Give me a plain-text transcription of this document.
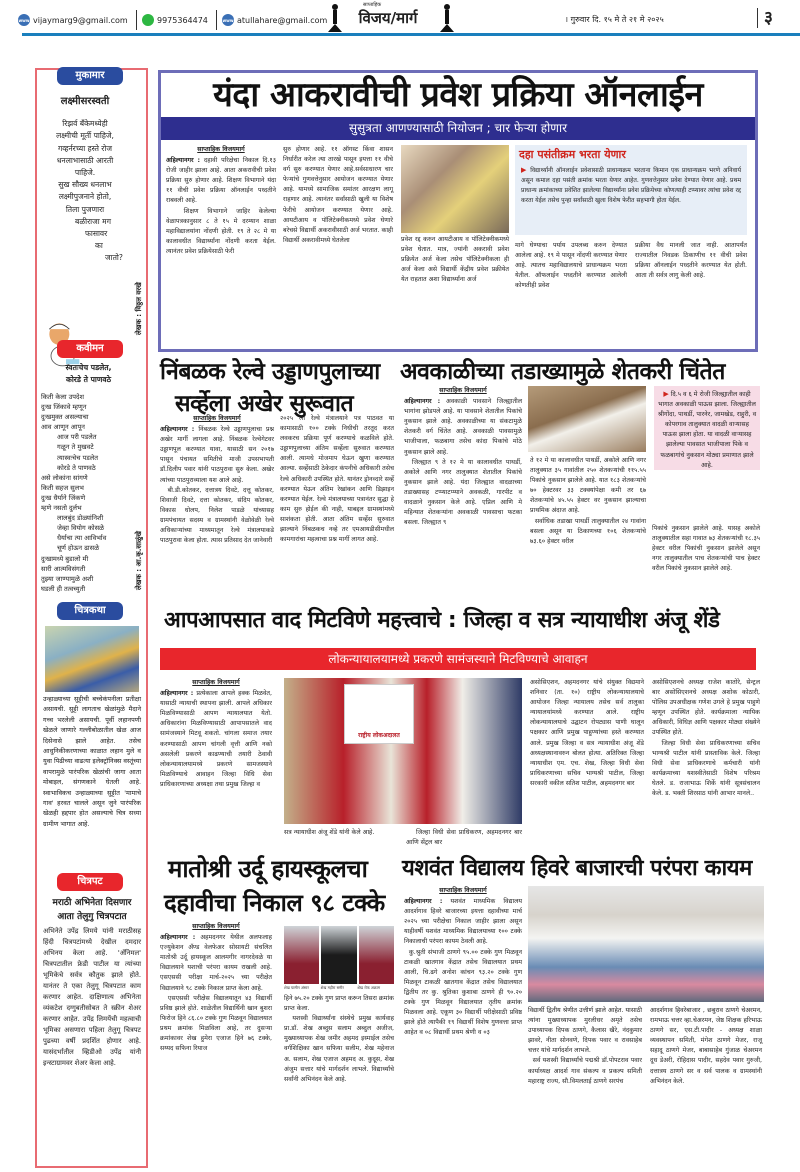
www vijaymarg9@gmail.com	9975364474	www atullahare@gmail.com
साप्ताहिक
विजय/मार्ग	। गुरुवार दि. १५ मे ते २१ मे २०२५	३
मुकामार
लक्ष्मीसरस्वती
रिझर्व बँकेमध्येही
लक्ष्मीची मूर्ती पाहिजे,
गव्हर्नरच्या हस्ते रोज
धनलाभासाठी आरती
पाहिजे.
सुख सौख्य धनलाभ
लक्ष्मीपुजनाने होतो,
तिला पुजणारा
बळीराजा मग
फासावर
का
जातो?
लेखक : विठ्ठल वरखे
कवीमन
स्वतःचेच पडलेत,
कोरडे ते पाणवठे
किती केला उपदेश
दुःख जिंकावे म्हणून
दुःखमुक्त असल्याचा
आव आणून आपून
आज परी पडलेत
गळून ते मुखवटे
त्यास्वःचेच पडलेत
कोरडे ते पाणवठे
असे लोकांना सांगणे
किती सहज सुलभ
दुःख धैर्याने जिंकणे
म्हणे नसतो दुर्लभ
लालबुंद डोळ्यांनिशी
जेव्हा वियोग कोसळे
धैर्याचा त्या आविर्भाव
चूर्ण होऊन ढासळे
दुःखामध्ये बुडालो मी
सारी आत्मविसंगती
तुझ्या जाण्यामुळे अशी
घडली ही तत्वच्युती	लेखक : आ.कृ.साळुंखे
चित्रकथा
उन्हाळ्याच्या सुट्टीची बच्चेकंपनीला प्रतीक्षा असायची. सुट्टी लागताच खेळांमुळे मैदाने गच्च भरलेली असायची. पूर्वी लहानपणी खेळले जाणारे गल्लीबोळातील खेळ आज दिसेनासे झाले आहेत. तसेच आधुनिकीकरणाच्या काळात लहान मुले व युवा पिढीच्या वाढत्या इलेक्ट्रॉनिक्स वस्तूंच्या वापरामुळे पारंपरिक खेळांची जागा आता मोबाइल, संगणकाने घेतली आहे. स्वाभाविकच उन्हाळ्याच्या सुट्टीत 'मामाचे गाव' हरवत चालले असून जुने पारंपरिक खेळही हद्दपार होत असल्याचे चित्र सध्या ग्रामीण भागात आहे.
चित्रपट
मराठी अभिनेता दिसणार
आता तेलुगु चित्रपटात
अभिनेते उपेंद्र लिमये यांनी मराठीसह हिंदी चित्रपटांमध्ये देखील दमदार अभिनय केला आहे. 'अ‍ॅनिमल' चित्रपटातील फ्रेडी पाटील या त्यांच्या भूमिकेचे सर्वत्र कौतुक झाले होते. यानंतर ते एका तेलुगू चित्रपटात काम करणार आहेत. दाक्षिणात्य अभिनेता व्यंकटेश दग्गुबतीसोबत ते स्क्रीन शेअर करणार आहेत. उपेंद्र लिमयेंची महत्वाची भूमिका असणारा पहिला तेलुगू चित्रपट पुढच्या वर्षी प्रदर्शित होणार आहे. यासंदर्भातील व्हिडीओ उपेंद्र यांनी इन्स्टाग्रामवर शेअर केला आहे.
यंदा आकरावीची प्रवेश प्रक्रिया ऑनलाईन
सुसुत्रता आणण्यासाठी नियोजन ; चार फेऱ्या होणार
साप्ताहिक विजयमार्ग
अहिल्यानगर : दहावी परिक्षेचा निकाल दि.१३ रोजी जाहीर झाला आहे. आता अकरावीची प्रवेश प्रक्रिया सुरु होणार आहे. शिक्षण विभागाने यंदा ११ वीची प्रवेश प्रक्रिया ऑनलाईन पध्दतीने राबवली आहे.
शिक्षण विभागाने जाहिर केलेल्या वेळापत्रकानुसार ८ ते १५ मे दरम्यान शाळा महाविद्यालयांना नोंदणी होती. १९ ते २८ मे या कालावधीत विद्यार्थ्यांना नोंदणी करता येईल. त्यानंतर प्रवेश प्रक्रियेसाठी फेरी
सुरु होणार आहे. ११ ऑगस्ट किंवा शासन निर्धारीत करेल त्या तारखे पासून इयत्ता ११ वीचे वर्ग सुरु करण्यात येणार आहे.सर्वसाधारण चार फेऱ्यांचे गुणवत्तेनुसार आयोजन करण्यात येणार आहे. यामध्ये सामाजिक समांतर आरक्षण लागू राहणार आहे. त्यानंतर सर्वांसाठी खुली या विशेष फेरीचे आयोजन करण्यात येणार आहे. आयटीआय व पॉलिटेक्नीकमध्ये प्रवेश घेणारे बरेचसे विद्यार्थी अकरावीसाठी अर्ज भरतात. काही विद्यार्थी अकरावीमध्ये घेतलेला	प्रवेश रद्द करुन आयटीआय व पॉलिटेक्नीकमध्ये प्रवेश घेतात. मात्र, ज्यांनी अकरावी प्रवेश प्रक्रियेत अर्ज केला तसेच पॉलिटेक्नीकला ही अर्ज केला असे विद्यार्थी केंद्रीय प्रवेश प्रक्रीयेत येत राहतात अशा विद्यार्थ्यांना अर्ज
दहा पसंतीक्रम भरता येणार
▶ विद्यार्थ्यांनी ऑनलाईन प्रवेशासाठी प्राधान्यक्रम भरताना किमान एक प्राधान्यक्रम भरणे अनिवार्य असून कमाल दहा पसंती क्रमांक भरता येणार आहेत. गुणवत्तेनुसार प्रवेश देण्यात येणार आहे. प्रथम प्राधान्य क्रमांकाच्या प्रवेशित झालेल्या विद्यार्थ्यांना प्रवेश प्रक्रियेच्या कोणत्याही टप्प्यावर त्यांचा प्रवेश रद्द करता येईल तसेच पुन्हा सर्वांसाठी खुला विशेष फेरीत सहभागी होता येईल.
मागे घेण्याचा पर्याय उपलब्ध करुन देण्यात आलेला आहे. १९ मे पासून नोंदणी करण्यात येणार आहे. त्यातच महाविद्यालयाचे प्राधान्यक्रम भरता येतील. ऑफलाईन पध्दतीने करण्यात आलेली कोणतीही प्रवेश
प्रक्रीया वैध मानली जात नाही. आतापर्यंत राज्यातील निवडक ठिकाणीच ११ वीची प्रवेश प्रक्रिया ऑनलाईन पध्दतीने करण्यात येत होती. आता ती सर्वत्र लागु केली आहे.
निंबळक रेल्वे उड्डाणपुलाच्या
सर्व्हेला अखेर सुरूवात
साप्ताहिक विजयमार्ग
अहिल्यानगर : निंबळक रेल्वे उड्डाणपुलाचा प्रश्न अखेर मार्गी लागला आहे. निंबळक रेल्वेगेटवर उड्डाणपूल करण्यात यावा, यासाठी सन २०१७ पासून पंचायत समितीचे माजी उपसभापती डॉ.दिलीप पवार यांनी पाठपुरावा सुरु केला. अखेर त्यांच्या पाठपुराव्याला यश आले आहे.
बी.डी.कोतकर, दत्तात्रय दिवटे, दत्तू कोतकर, शिवाजी दिवटे, दत्ता कोतकर, संदिप कोतकर, विकास धोलप, निलेश पाडळे यांच्यासह ग्रामपंचायत सदस्य व ग्रामस्थांनी वेळोवेळी रेल्वे अधिकार्‍यांच्या माध्यमातून रेल्वे मंत्रालयाकडे पाठपुरावा केला होता. त्यास प्रतिसाद देत जानेवारी
२०२५ ला रेल्वे मंत्रालयाने पत्र पाठवत या कामासाठी १०० टक्के निधीची तरतूद करत लवकरच प्रक्रिया पूर्ण करण्याचे कळविले होते. उड्डाणपुलाच्या अंतिम सर्व्हेला सुरुवात करण्यात आली. त्यामधे मोजमाप घेऊन खुणा करण्यात आल्या. सर्व्हेसाठी ठेकेदार कंपनीचे अधिकारी तसेच रेल्वे अधिकारी उपस्थित होते. यानंतर ड्रोनव्दारे सर्व्हे करण्यात येऊन अंतिम रेखांकन आणि डिझाइन करण्यात येईल. रेल्वे मंत्रालयाच्या पत्रानंतर सुद्धा हे काम सुरु होईल की नाही, याबद्दल ग्रामस्थांमध्ये साशंकता होती. आता अंतिम सर्व्हेस सुरुवात झाल्याने निंबळकच नव्हे तर एमआयडीसीमधील कामगारांचा महत्वाचा प्रश्न मार्गी लागत आहे.
अवकाळीच्या तडाख्यामुळे शेतकरी चिंतेत
साप्ताहिक विजयमार्ग
अहिल्यानगर : अवकाळी पावसाने जिल्ह्यातील भागांना झोडपले आहे. या पावसाने शेतातील पिकांचे नुकसान झाले आहे. अवकाळीच्या या संकटामुळे शेतकरी वर्ग चिंतेत आहे. अवकाळी पावसामुळे भाजीपाला, फळबागा तसेच कांदा पिकांचे मोठे नुकसान झाले आहे.
जिल्ह्यात ९ ते १२ मे या कालावधीत पाथर्डी, अकोले आणि नगर तालुक्यात शेतातील पिकांचे नुकसान झाले आहे. यंदा जिल्ह्यात वादळाच्या तडाख्यासह टप्प्याटप्प्याने अवकळी, गारपीट व वादळाने नुकसान केले आहे. एप्रिल आणि मे महिन्यात शेतकर्‍यांना अवकाळी पावसाचा फटका बसला. जिल्ह्यात ९
ते १२ मे या कालावधीत पाथर्डी, अकोले आणि नगर तालुक्यात ३५ गावांतील २५० शेतकर्‍यांची ११५.५५ पिकांचे नुकसान झालेले आहे. यात १८३ शेतकर्‍यांचे ७० हेक्टरवर ३३ टक्क्यांपेक्षा कमी तर ६७ शेतकर्‍यांचे ४५.५५ हेक्टर वर नुकसान झाल्याचा प्राथमिक अंदाज आहे.
सर्वाधिक तडाखा पाथर्डी तालुक्यातील २४ गावांना बसला असून या ठिकाणच्या १०६ शेतकर्‍यांचे ७३.६० हेक्टर वरील
▶ दि.५ व ६ मे रोजी जिल्ह्यातील काही भागात अवकाळी पाऊस झाला. जिल्ह्यातील श्रीगोंदा, पाथर्डी, पारनेर, जामखेड, राहुरी, व कोपरगाव तालुक्यात वादळी वाऱ्यासह पाऊस झाला होता. या वादळी वाऱ्यासह झालेल्या पावसात भाजीपाला पिके व फळबागांचे नुकसान मोठ्या प्रमाणात झाले आहे.
पिकांचे नुकसान झालेले आहे. यासह अकोले तालुक्यातील सहा गावात ७३ शेतकर्‍यांची १८.३५ हेक्टर वरील पिकांची नुकसान झालेले असून नगर तालुक्यातील पाच शेतकर्‍यांची पाच हेक्टर वरील पिकांचे नुकसान झालेले आहे.
आपआपसात वाद मिटविणे महत्त्वाचे : जिल्हा व सत्र न्यायाधीश अंजू शेंडे
लोकन्यायालयामध्ये प्रकरणे सामंजस्याने मिटविण्याचे आवाहन
साप्ताहिक विजयमार्ग
अहिल्यानगर : प्रत्येकाला आपले हक्क मिळवेत, यासाठी न्यायाची स्थापना झाली. आपले अधिकार मिळविण्यासाठी आपण न्यायालयात येतो. अधिकारांना मिळविण्यासाठी आपापसातले वाद सामंजस्याने मिटवू शकतो. चांगला समाज तयार करण्यासाठी आपण चांगली वृत्ती आणि नको असलेली प्रकरणे काढण्याची तयारी ठेवावी लोकन्यायालयामध्ये प्रकरणे सामजस्याने मिळविण्याचे आवाहन जिल्हा विधि सेवा प्राधिकारणाच्या अध्यक्षा तथा प्रमुख जिल्हा व
राष्ट्रीय लोकअदालत
सत्र न्यायाधीश अंजू शेंडे यांनी केले आहे.	जिल्हा विधी सेवा प्राधिकरण, अहमदनगर बार आणि सेंट्रल बार
असोसिएशन, अहमदनगर यांचे संयुक्त विद्यमाने शनिवार (ता. १०) राष्ट्रीय लोकन्यायालयाचे आयोजन जिल्हा न्यायालय तसेच सर्व तालुका न्यायालयांमध्ये करण्यात आले. राष्ट्रीय लोकन्यायालयाचे उद्घाटन रोपट्यास पाणी घालून पक्षकार आणि प्रमुख पाहुण्यांच्या हस्ते करण्यात आले. प्रमुख जिल्हा व सत्र न्यायाधीश अंजू शेंडे अध्यक्षस्थानावरुन बोलत होत्या. अतिरिक्त जिल्हा न्यायाधीश एम. एच. शेख, जिल्हा विधी सेवा प्राधिकरणाच्या सचिव भाग्यश्री पाटील, जिल्हा सरकारी वकील सतिश पाटील, अहमदनगर बार
असोसिएशनचे अध्यक्ष राजेश कातोरे, सेन्ट्रल बार असोसिएशनचे अध्यक्ष अशोक कोठारी, पोलिस उपअधीक्षक गणेश उगले हे प्रमुख पाहुणे म्हणून उपस्थित होते. कार्यक्रमाला न्यायिक अधिकारी, विधिज्ञ आणि पक्षकार मोठ्या संख्येने उपस्थित होते.
जिल्हा विधी सेवा प्राधिकरणाच्या सचिव भाग्यश्री पाटील यांनी प्रास्ताविक केले. जिल्हा विधी सेवा प्राधिकरणाचे कर्मचारी यांनी कार्यक्रमाच्या यशस्वीतेसाठी विशेष परिश्रम घेतले. ड. राजाभाऊ शिर्के यांनी सूत्रसंचालन केले. ड. भक्ती शिरसाठ यांनी आभार मानले..
मातोश्री उर्दू हायस्कूलचा
दहावीचा निकाल ९८ टक्के
साप्ताहिक विजयमार्ग
अहिल्यानगर : अहमदनगर येथील अलफलाह एज्युकेशन ॲण्ड वेलफेअर सोसायटी संचलित मातोश्री उर्दू हायस्कूल आलमगीर नागरदेवळे या विद्यालयाने यशाची परंपरा कायम राखली आहे. एसएससी परीक्षा मार्च-२०२५ च्या परीक्षेत विद्यालयाने ९८ टक्के निकाल प्राप्त केला आहे.
एसएससी परीक्षेस विद्यालयातून ४३ विद्यार्थी प्रविष्ठ झाले होते. शाळेतील विद्यार्थिनी खान बुशरा फिरोज हिने ८६.८० टक्के गुण मिळवून विद्यालयात प्रथम क्रमांक मिळविला आहे, तर दुसऱ्या क्रमांकावर शेख हुमेरा एजाज हिने ७६ टक्के, सय्यद सफिना रियाज
शेख यासीन अंसार	शेख महीरा समीर	शेख रोफ अक्राम
हिने ७५.२० टक्के गुण प्राप्त करून तिसरा क्रमांक प्राप्त केला.
यशस्वी विद्यार्थ्यांना संस्थेचे प्रमुख कार्यवाह प्रा.डॉ. शेख अब्दुस सलाम अब्दुल अजीज, मुख्याध्यापक शेख जमीर अहमद इस्माईल तसेच वर्गशिक्षिका खान सफिया सलीम, शेख महेनाज अ. सलाम, शेख एजाज अहमद अ. कुदूस, शेख अंजुम सत्तार यांचे मार्गदर्शन लाभले. विद्यार्थ्यांचे सर्वांनी अभिनंदन केले आहे.
यशवंत विद्यालय हिवरे बाजारची परंपरा कायम
साप्ताहिक विजयमार्ग
अहिल्यानगर : यशवंत माध्यमिक विद्यालय आदर्शगाव हिवरे बाजारच्या इयत्ता दहावीच्या मार्च २०२५ च्या परीक्षेचा निकाल जाहीर झाला असून याहीवर्षी यशवंत माध्यमिक विद्यालयाच्या १०० टक्के निकालाची परंपरा कायम ठेवली आहे.
कु.श्रुती संभाजी ठाणगे ९५.०० टक्के गुण मिळवून टाकळी खातगाव केंद्रात तसेच विद्यालयात प्रथम आली, चि.ढगे अनोश कांचन ९३.२० टक्के गुण मिळवून टाकळी खातगाव केंद्रात तसेच विद्यालयात द्वितीय तर कु. श्रुतिका कुशाबा ठाणगे ही ९०.२० टक्के गुण मिळवून विद्यालयात तृतीय क्रमांक मिळवला आहे. एकूण ३० विद्यार्थी परीक्षेसाठी प्रविष्ठ झाले होते त्यापैकी १९ विद्यार्थी विशेष गुणवत्ता प्राप्त आहेत व ०८ विद्यार्थी प्रथम श्रेणी व ०३
विद्यार्थी द्वितीय श्रेणीत उत्तीर्ण झाले आहेत. यासाठी त्यांना मुख्याध्यापक मुरलीधर अमृते तसेच उपाध्यापक दिपक ठाणगे, कैलास खैरे, नंदकुमार झावरे, नीता सोनवणे, दिपक पवार व रावसाहेब चत्तर यांचे मार्गदर्शन लाभले.
सर्व यशस्वी विद्यार्थ्यांचे पद्मश्री डॉ.पोपटराव पवार कार्याध्यक्ष आदर्श गाव संकल्प व प्रकल्प समिती महाराष्ट्र राज्य, सौ.विमलताई ठाणगे सरपंच
आदर्शगाव हिवरेबाजार , छबुराव ठाणगे चेअरमन, रामभाऊ चत्तर व्हा.चेअरमन, जेष्ठ शिक्षक हरिभाऊ ठाणगे सर, एस.टी.पादीर - अध्यक्ष शाळा व्यवस्थापन समिती, मंगेश ठाणगे मेजर, राजू सहादू ठाणगे मेजर, बाबासाहेब गुंजाळ चेअरमन दूध डेअरी, रोहिदास पादीर, सहदेव पवार गुरुजी, दत्तात्रय ठाणगे सर व सर्व पालक व ग्रामस्थांनी अभिनंदन केले.
